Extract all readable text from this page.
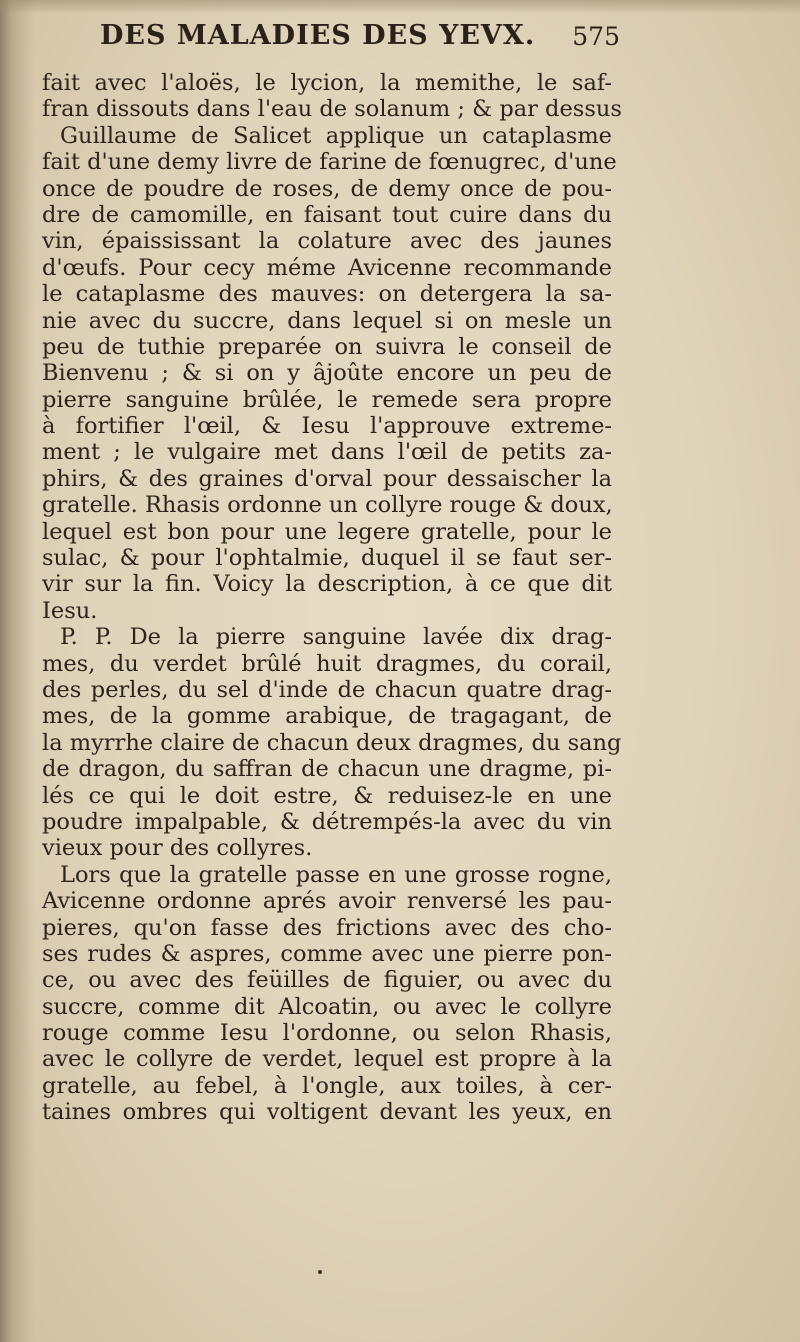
DES MALADIES DES YEVX. 575
fait avec l'aloës, le lycion, la memithe, le saf-
fran dissouts dans l'eau de solanum ; & par dessus
Guillaume de Salicet applique un cataplasme
fait d'une demy livre de farine de fœnugrec, d'une
once de poudre de roses, de demy once de pou-
dre de camomille, en faisant tout cuire dans du
vin, épaississant la colature avec des jaunes
d'œufs. Pour cecy méme Avicenne recommande
le cataplasme des mauves: on detergera la sa-
nie avec du succre, dans lequel si on mesle un
peu de tuthie preparée on suivra le conseil de
Bienvenu ; & si on y âjoûte encore un peu de
pierre sanguine brûlée, le remede sera propre
à fortifier l'œil, & Iesu l'approuve extreme-
ment ; le vulgaire met dans l'œil de petits za-
phirs, & des graines d'orval pour dessaischer la
gratelle. Rhasis ordonne un collyre rouge & doux,
lequel est bon pour une legere gratelle, pour le
sulac, & pour l'ophtalmie, duquel il se faut ser-
vir sur la fin. Voicy la description, à ce que dit
Iesu.
P. P. De la pierre sanguine lavée dix drag-
mes, du verdet brûlé huit dragmes, du corail,
des perles, du sel d'inde de chacun quatre drag-
mes, de la gomme arabique, de tragagant, de
la myrrhe claire de chacun deux dragmes, du sang
de dragon, du saffran de chacun une dragme, pi-
lés ce qui le doit estre, & reduisez-le en une
poudre impalpable, & détrempés-la avec du vin
vieux pour des collyres.
Lors que la gratelle passe en une grosse rogne,
Avicenne ordonne aprés avoir renversé les pau-
pieres, qu'on fasse des frictions avec des cho-
ses rudes & aspres, comme avec une pierre pon-
ce, ou avec des feüilles de figuier, ou avec du
succre, comme dit Alcoatin, ou avec le collyre
rouge comme Iesu l'ordonne, ou selon Rhasis,
avec le collyre de verdet, lequel est propre à la
gratelle, au febel, à l'ongle, aux toiles, à cer-
taines ombres qui voltigent devant les yeux, en
